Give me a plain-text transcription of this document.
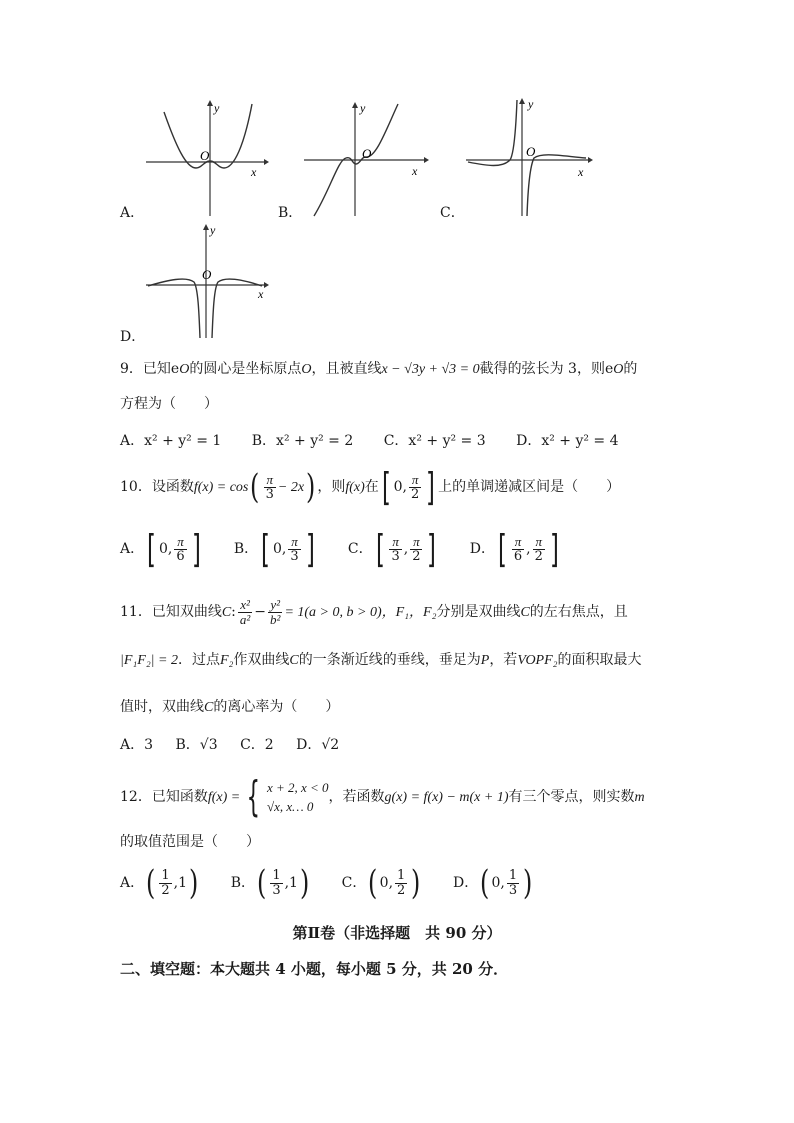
y
x
O
A．
y
x
O
B．
y
x
O
C．
y
x
O
D．
9．已知eO的圆心是坐标原点O，且被直线x − √3y + √3 = 0截得的弦长为 3，则eO的
方程为（　　）
A．x² + y² = 1 B．x² + y² = 2 C．x² + y² = 3 D．x² + y² = 4
10．设函数$f(x) = \cos( \frac{\pi}{3} - 2x)$ ，则f(x)在[ 0, $\frac{\pi}{2}$ ] 上的单调递减区间是（　　）
A．[ 0, $\frac{\pi}{6}$ ] B．[ 0, $\frac{\pi}{3}$ ] C．[ $\frac{\pi}{3}$ , $\frac{\pi}{2}$ ] D．[ $\frac{\pi}{6}$ , $\frac{\pi}{2}$ ]
11．已知双曲线C: $\frac{\text{x²}}{\text{a²}} - \frac{\text{y²}}{\text{b²}} = 1(a > 0$, b > 0)，F₁，F₂分别是双曲线C的左右焦点，且
|F₁F₂| = 2．过点F₂作双曲线C的一条渐近线的垂线，垂足为P，若VOPF₂的面积取最大
值时，双曲线C的离心率为（　　）
A．3 B．√3 C．2 D．√2
12．已知函数f(x) = { x + 2, x < 0
√x, x… 0
，若函数g(x) = f(x) − m(x + 1)有三个零点，则实数m
的取值范围是（　　）
A．( $\frac{1}{2} ,1$) B．( $\frac{1}{3} ,1$) C．( 0, $\frac{1}{2}$ ) D．( 0, $\frac{1}{3}$ )
第Ⅱ卷（非选择题　共 90 分）
二、填空题：本大题共 4 小题，每小题 5 分，共 20 分．
